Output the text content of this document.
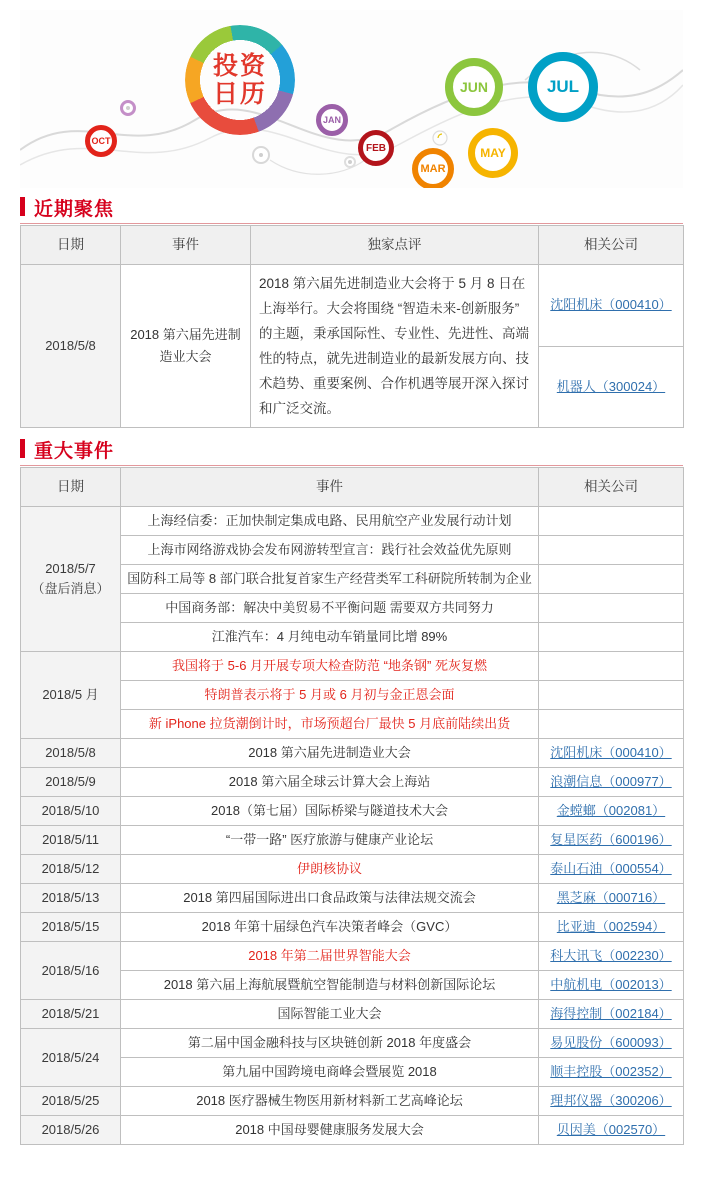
投资
日历
OCT
JAN
FEB
MAR
MAY
JUN	JUL
近期聚焦
日期	事件	独家点评	相关公司
2018/5/8	2018 第六届先进制造业大会	2018 第六届先进制造业大会将于 5 月 8 日在上海举行。大会将围绕 “智造未来-创新服务” 的主题，秉承国际性、专业性、先进性、高端性的特点，就先进制造业的最新发展方向、技术趋势、重要案例、合作机遇等展开深入探讨和广泛交流。	沈阳机床（000410）
			机器人（300024）
重大事件
日期	事件	相关公司

2018/5/7
（盘后消息）	上海经信委：正加快制定集成电路、民用航空产业发展行动计划	
	上海市网络游戏协会发布网游转型宣言：践行社会效益优先原则	
	国防科工局等 8 部门联合批复首家生产经营类军工科研院所转制为企业	
	中国商务部：解决中美贸易不平衡问题 需要双方共同努力	
	江淮汽车：4 月纯电动车销量同比增 89%	

2018/5 月	我国将于 5-6 月开展专项大检查防范 “地条钢” 死灰复燃	
	特朗普表示将于 5 月或 6 月初与金正恩会面	
	新 iPhone 拉货潮倒计时，市场预超台厂最快 5 月底前陆续出货	
2018/5/8	2018 第六届先进制造业大会	沈阳机床（000410）
2018/5/9	2018 第六届全球云计算大会上海站	浪潮信息（000977）
2018/5/10	2018（第七届）国际桥梁与隧道技术大会	金螳螂（002081）
2018/5/11	“一带一路” 医疗旅游与健康产业论坛	复星医药（600196）
2018/5/12	伊朗核协议	泰山石油（000554）
2018/5/13	2018 第四届国际进出口食品政策与法律法规交流会	黑芝麻（000716）
2018/5/15	2018 年第十届绿色汽车决策者峰会（GVC）	比亚迪（002594）
2018/5/16	2018 年第二届世界智能大会	科大讯飞（002230）
	2018 第六届上海航展暨航空智能制造与材料创新国际论坛	中航机电（002013）
2018/5/21	国际智能工业大会	海得控制（002184）
2018/5/24	第二届中国金融科技与区块链创新 2018 年度盛会	易见股份（600093）
	第九届中国跨境电商峰会暨展览 2018	顺丰控股（002352）
2018/5/25	2018 医疗器械生物医用新材料新工艺高峰论坛	理邦仪器（300206）
2018/5/26	2018 中国母婴健康服务发展大会	贝因美（002570）
